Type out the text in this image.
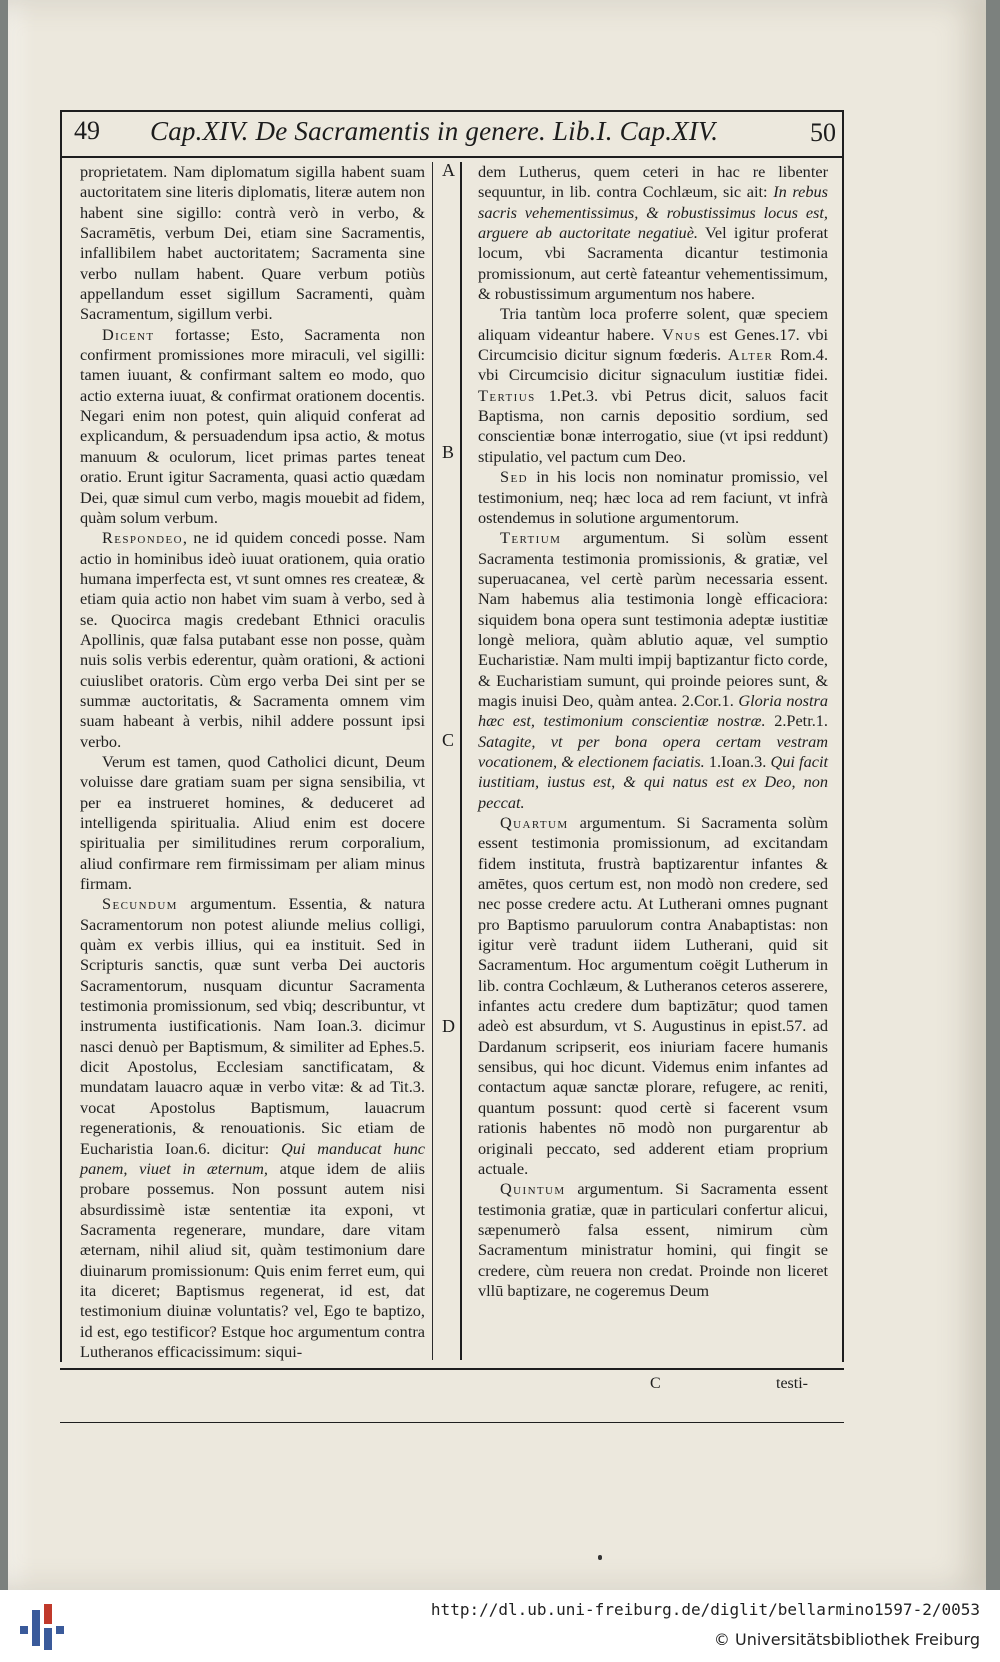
49 Cap.XIV. De Sacramentis in genere. Lib.I. Cap.XIV.	50
A
B
C
D

proprietatem. Nam diplomatum sigilla habent suam auctoritatem sine literis diplomatis, literæ autem non habent sine sigillo: contrà verò in verbo, & Sacramētis, verbum Dei, etiam sine Sacramentis, infallibilem habet auctoritatem; Sacramenta sine verbo nullam habent. Quare verbum potiùs appellandum esset sigillum Sacramenti, quàm Sacramentum, sigillum verbi.

Dicent fortasse; Esto, Sacramenta non confirment promissiones more miraculi, vel sigilli: tamen iuuant, & confirmant saltem eo modo, quo actio externa iuuat, & confirmat orationem docentis. Negari enim non potest, quin aliquid conferat ad explicandum, & persuadendum ipsa actio, & motus manuum & oculorum, licet primas partes teneat oratio. Erunt igitur Sacramenta, quasi actio quædam Dei, quæ simul cum verbo, magis mouebit ad fidem, quàm solum verbum.

Respondeo, ne id quidem concedi posse. Nam actio in hominibus ideò iuuat orationem, quia oratio humana imperfecta est, vt sunt omnes res createæ, & etiam quia actio non habet vim suam à verbo, sed à se. Quocirca magis credebant Ethnici oraculis Apollinis, quæ falsa putabant esse non posse, quàm nuis solis verbis ederentur, quàm orationi, & actioni cuiuslibet oratoris. Cùm ergo verba Dei sint per se summæ auctoritatis, & Sacramenta omnem vim suam habeant à verbis, nihil addere possunt ipsi verbo.

Verum est tamen, quod Catholici dicunt, Deum voluisse dare gratiam suam per signa sensibilia, vt per ea instrueret homines, & deduceret ad intelligenda spiritualia. Aliud enim est docere spiritualia per similitudines rerum corporalium, aliud confirmare rem firmissimam per aliam minus firmam.

Secundum argumentum. Essentia, & natura Sacramentorum non potest aliunde melius colligi, quàm ex verbis illius, qui ea instituit. Sed in Scripturis sanctis, quæ sunt verba Dei auctoris Sacramentorum, nusquam dicuntur Sacramenta testimonia promissionum, sed vbiq; describuntur, vt instrumenta iustificationis. Nam Ioan.3. dicimur nasci denuò per Baptismum, & similiter ad Ephes.5. dicit Apostolus, Ecclesiam sanctificatam, & mundatam lauacro aquæ in verbo vitæ: & ad Tit.3. vocat Apostolus Baptismum, lauacrum regenerationis, & renouationis. Sic etiam de Eucharistia Ioan.6. dicitur: Qui manducat hunc panem, viuet in æternum, atque idem de aliis probare possemus. Non possunt autem nisi absurdissimè istæ sententiæ ita exponi, vt Sacramenta regenerare, mundare, dare vitam æternam, nihil aliud sit, quàm testimonium dare diuinarum promissionum: Quis enim ferret eum, qui ita diceret; Baptismus regenerat, id est, dat testimonium diuinæ voluntatis? vel, Ego te baptizo, id est, ego testificor? Estque hoc argumentum contra Lutheranos efficacissimum: siqui-

dem Lutherus, quem ceteri in hac re libenter sequuntur, in lib. contra Cochlæum, sic ait: In rebus sacris vehementissimus, & robustissimus locus est, arguere ab auctoritate negatiuè. Vel igitur proferat locum, vbi Sacramenta dicantur testimonia promissionum, aut certè fateantur vehementissimum, & robustissimum argumentum nos habere.

Tria tantùm loca proferre solent, quæ speciem aliquam videantur habere. Vnus est Genes.17. vbi Circumcisio dicitur signum fœderis. Alter Rom.4. vbi Circumcisio dicitur signaculum iustitiæ fidei. Tertius 1.Pet.3. vbi Petrus dicit, saluos facit Baptisma, non carnis depositio sordium, sed conscientiæ bonæ interrogatio, siue (vt ipsi reddunt) stipulatio, vel pactum cum Deo.

Sed in his locis non nominatur promissio, vel testimonium, neq; hæc loca ad rem faciunt, vt infrà ostendemus in solutione argumentorum.

Tertium argumentum. Si solùm essent Sacramenta testimonia promissionis, & gratiæ, vel superuacanea, vel certè parùm necessaria essent. Nam habemus alia testimonia longè efficaciora: siquidem bona opera sunt testimonia adeptæ iustitiæ longè meliora, quàm ablutio aquæ, vel sumptio Eucharistiæ. Nam multi impij baptizantur ficto corde, & Eucharistiam sumunt, qui proinde peiores sunt, & magis inuisi Deo, quàm antea. 2.Cor.1. Gloria nostra hæc est, testimonium conscientiæ nostræ. 2.Petr.1. Satagite, vt per bona opera certam vestram vocationem, & electionem faciatis. 1.Ioan.3. Qui facit iustitiam, iustus est, & qui natus est ex Deo, non peccat.

Quartum argumentum. Si Sacramenta solùm essent testimonia promissionum, ad excitandam fidem instituta, frustrà baptizarentur infantes & amētes, quos certum est, non modò non credere, sed nec posse credere actu. At Lutherani omnes pugnant pro Baptismo paruulorum contra Anabaptistas: non igitur verè tradunt iidem Lutherani, quid sit Sacramentum. Hoc argumentum coëgit Lutherum in lib. contra Cochlæum, & Lutheranos ceteros asserere, infantes actu credere dum baptizātur; quod tamen adeò est absurdum, vt S. Augustinus in epist.57. ad Dardanum scripserit, eos iniuriam facere humanis sensibus, qui hoc dicunt. Videmus enim infantes ad contactum aquæ sanctæ plorare, refugere, ac reniti, quantum possunt: quod certè si facerent vsum rationis habentes nō modò non purgarentur ab originali peccato, sed adderent etiam proprium actuale.

Quintum argumentum. Si Sacramenta essent testimonia gratiæ, quæ in particulari confertur alicui, sæpenumerò falsa essent, nimirum cùm Sacramentum ministratur homini, qui fingit se credere, cùm reuera non credat. Proinde non liceret vllū baptizare, ne cogeremus Deum

C	testi-
http://dl.ub.uni-freiburg.de/diglit/bellarmino1597-2/0053
© Universitätsbibliothek Freiburg
